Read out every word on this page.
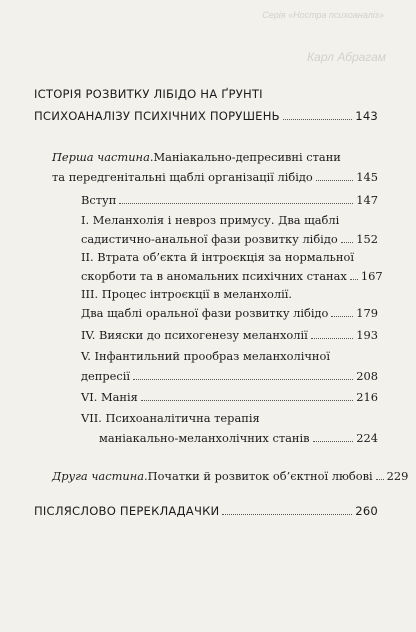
Серія «Ностра психоаналіз»
Карл Абрагам
ІСТОРІЯ РОЗВИТКУ ЛІБІДО НА ҐРУНТІ
ПСИХОАНАЛІЗУ ПСИХІЧНИХ ПОРУШЕНЬ	143
Перша частина. Маніакально-депресивні стани
та передгенітальні щаблі організації лібідо	145
Вступ	147
I. Меланхолія і невроз примусу. Два щаблі
садистично-анальної фази розвитку лібідо 152
II. Втрата об’єкта й інтроєкція за нормальної
скорботи та в аномальних психічних станах 167
III. Процес інтроєкції в меланхолії.
Два щаблі оральної фази розвитку лібідо 179
IV. Вияски до психогенезу меланхолії	193
V. Інфантильний прообраз меланхолічної
депресії	208
VI. Манія	216
VII. Психоаналітична терапія
маніакально-меланхолічних станів	224
Друга частина. Початки й розвиток об’єктної любові 229
ПІСЛЯСЛОВО ПЕРЕКЛАДАЧКИ	260
